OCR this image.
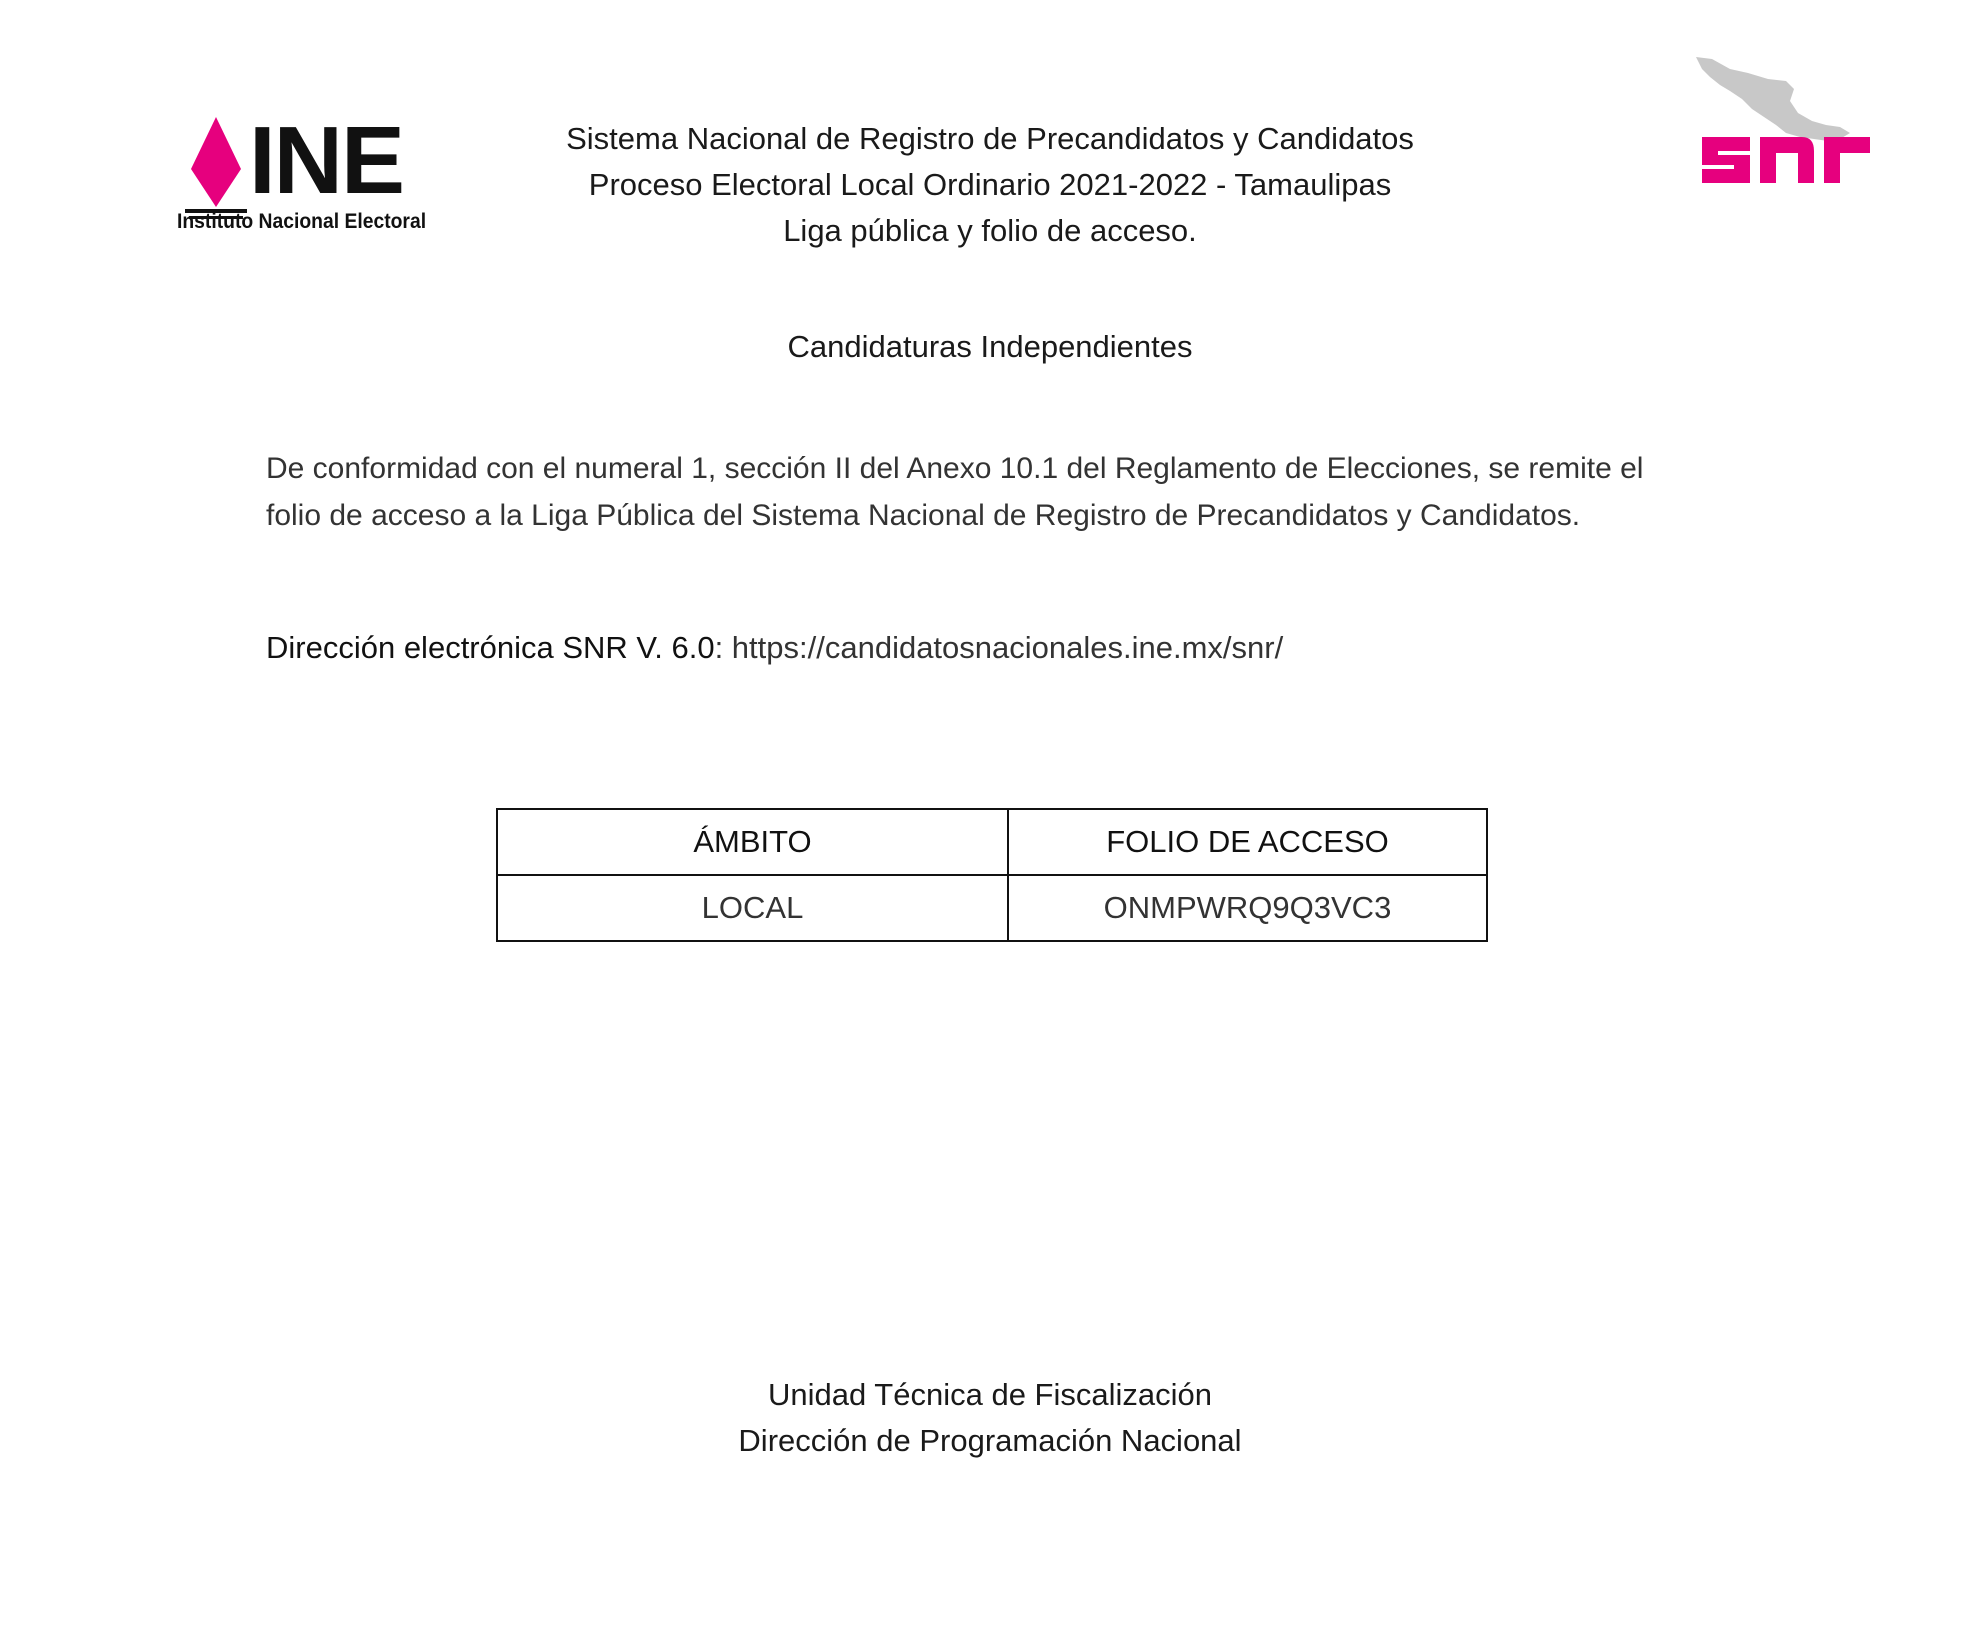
INE
Instituto Nacional Electoral
Sistema Nacional de Registro de Precandidatos y Candidatos
Proceso Electoral Local Ordinario 2021-2022 - Tamaulipas
Liga pública y folio de acceso.
Candidaturas Independientes
De conformidad con el numeral 1, sección II del Anexo 10.1 del Reglamento de Elecciones, se remite el
folio de acceso a la Liga Pública del Sistema Nacional de Registro de Precandidatos y Candidatos.
Dirección electrónica SNR V. 6.0: https://candidatosnacionales.ine.mx/snr/
ÁMBITO	FOLIO DE ACCESO
LOCAL	ONMPWRQ9Q3VC3
Unidad Técnica de Fiscalización
Dirección de Programación Nacional
